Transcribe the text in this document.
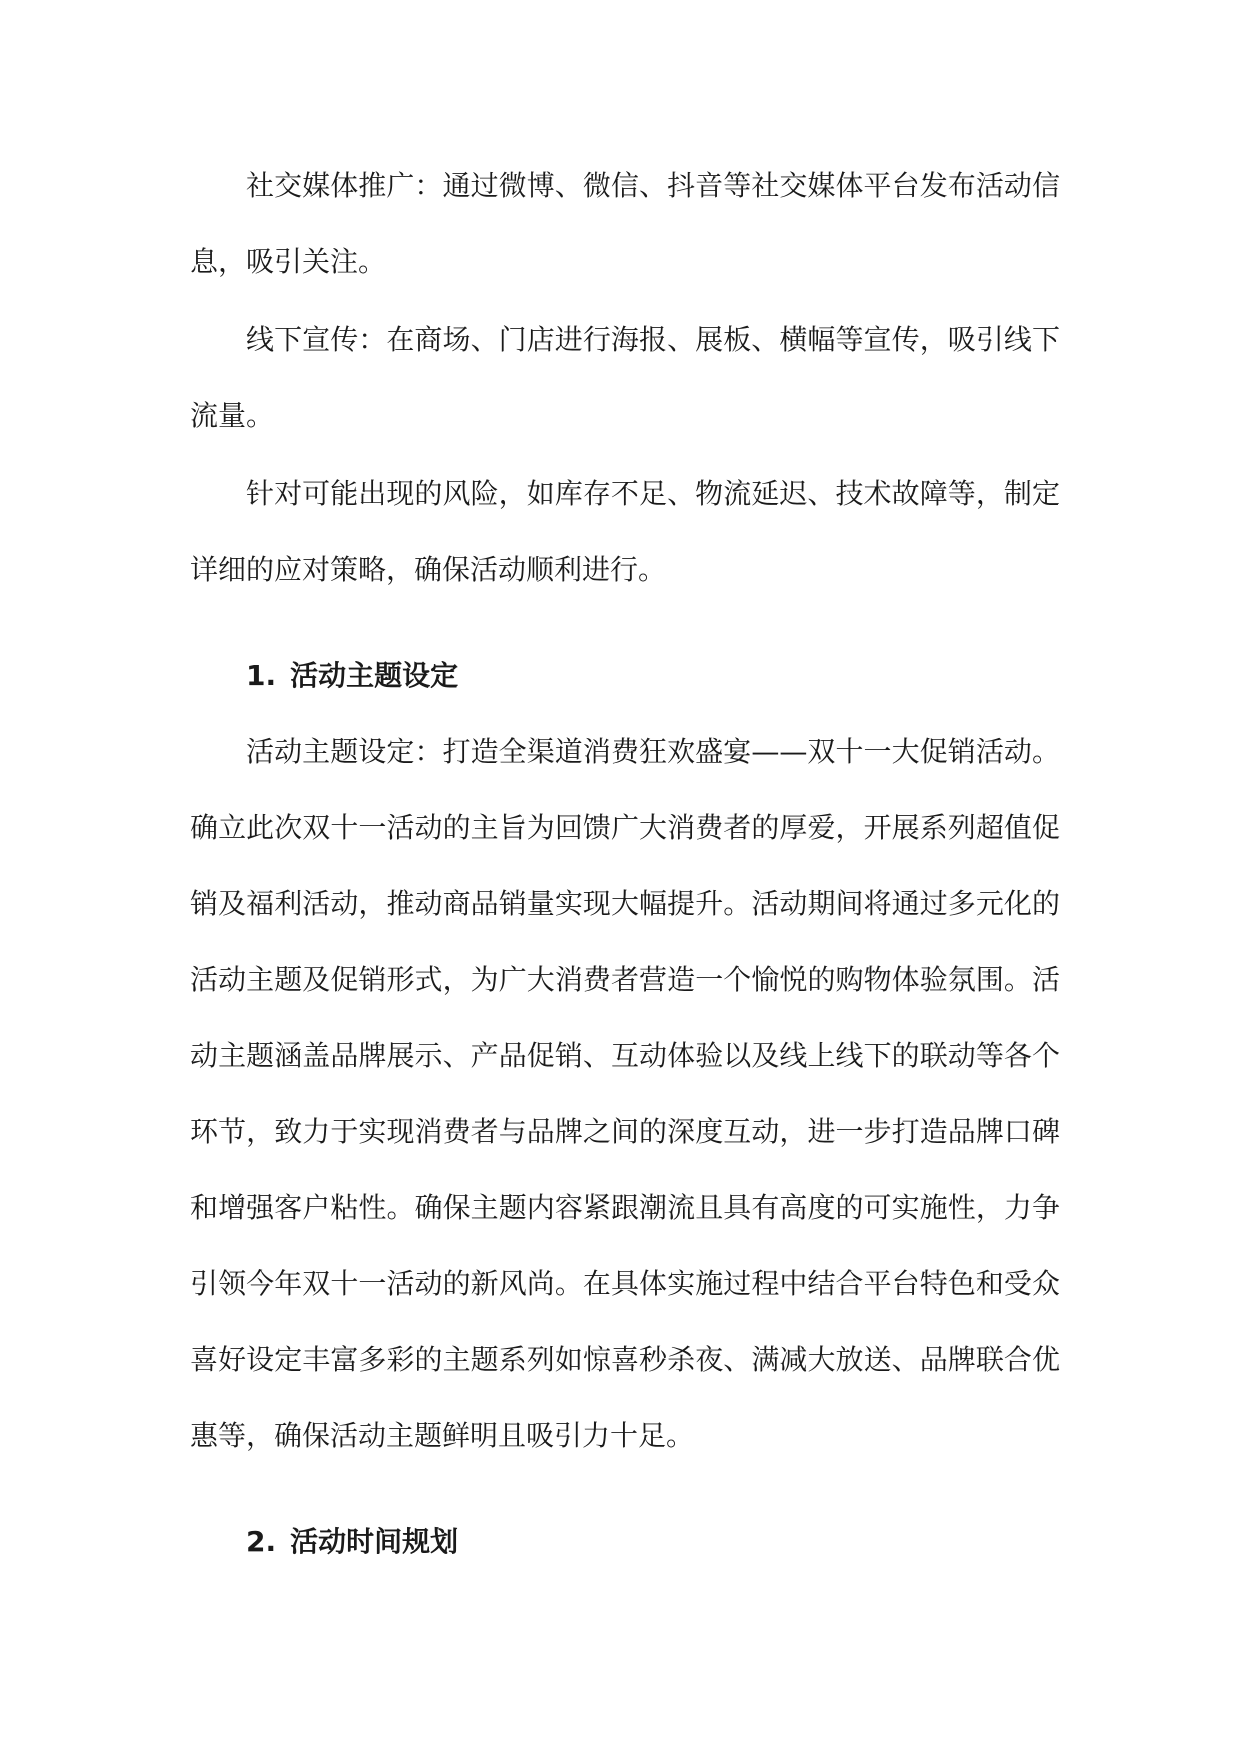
社交媒体推广：通过微博、微信、抖音等社交媒体平台发布活动信息，吸引关注。

线下宣传：在商场、门店进行海报、展板、横幅等宣传，吸引线下流量。

针对可能出现的风险，如库存不足、物流延迟、技术故障等，制定详细的应对策略，确保活动顺利进行。

1. 活动主题设定

活动主题设定：打造全渠道消费狂欢盛宴——双十一大促销活动。确立此次双十一活动的主旨为回馈广大消费者的厚爱，开展系列超值促销及福利活动，推动商品销量实现大幅提升。活动期间将通过多元化的活动主题及促销形式，为广大消费者营造一个愉悦的购物体验氛围。活动主题涵盖品牌展示、产品促销、互动体验以及线上线下的联动等各个环节，致力于实现消费者与品牌之间的深度互动，进一步打造品牌口碑和增强客户粘性。确保主题内容紧跟潮流且具有高度的可实施性，力争引领今年双十一活动的新风尚。在具体实施过程中结合平台特色和受众喜好设定丰富多彩的主题系列如惊喜秒杀夜、满减大放送、品牌联合优惠等，确保活动主题鲜明且吸引力十足。

2. 活动时间规划
